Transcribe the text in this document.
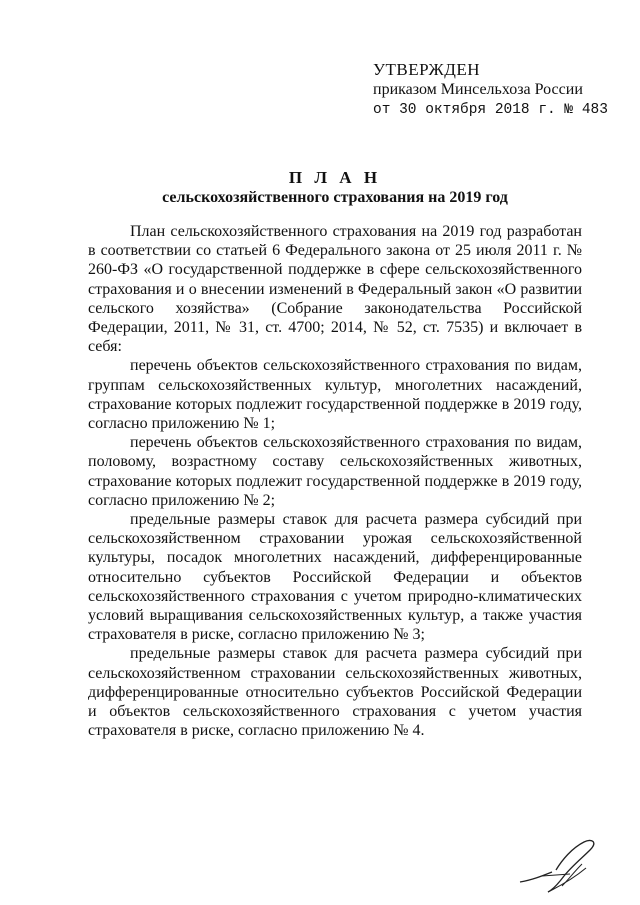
УТВЕРЖДЕН
приказом Минсельхоза России
от 30 октября 2018 г. № 483
П Л А Н
сельскохозяйственного страхования на 2019 год

План сельскохозяйственного страхования на 2019 год разработан в соответствии со статьей 6 Федерального закона от 25 июля 2011 г. № 260-ФЗ «О государственной поддержке в сфере сельскохозяйственного страхования и о внесении изменений в Федеральный закон «О развитии сельского хозяйства» (Собрание законодательства Российской Федерации, 2011, № 31, ст. 4700; 2014, № 52, ст. 7535) и включает в себя:

перечень объектов сельскохозяйственного страхования по видам, группам сельскохозяйственных культур, многолетних насаждений, страхование которых подлежит государственной поддержке в 2019 году, согласно приложению № 1;

перечень объектов сельскохозяйственного страхования по видам, половому, возрастному составу сельскохозяйственных животных, страхование которых подлежит государственной поддержке в 2019 году, согласно приложению № 2;

предельные размеры ставок для расчета размера субсидий при сельскохозяйственном страховании урожая сельскохозяйственной культуры, посадок многолетних насаждений, дифференцированные относительно субъектов Российской Федерации и объектов сельскохозяйственного страхования с учетом природно-климатических условий выращивания сельскохозяйственных культур, а также участия страхователя в риске, согласно приложению № 3;

предельные размеры ставок для расчета размера субсидий при сельскохозяйственном страховании сельскохозяйственных животных, дифференцированные относительно субъектов Российской Федерации и объектов сельскохозяйственного страхования с учетом участия страхователя в риске, согласно приложению № 4.
